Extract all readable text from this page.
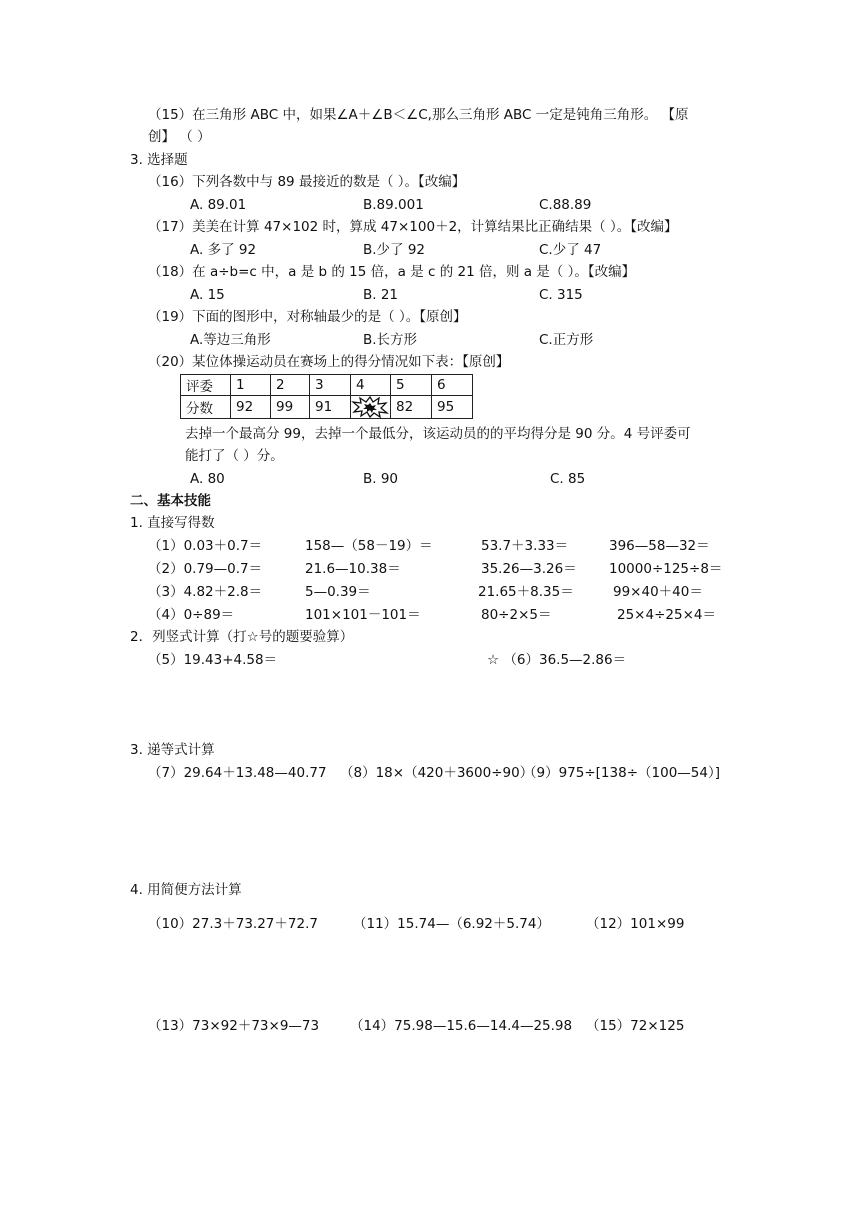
（15）在三角形 ABC 中，如果∠A＋∠B＜∠C,那么三角形 ABC 一定是钝角三角形。 【原
创】 （ ）
3. 选择题
（16）下列各数中与 89 最接近的数是（ ）。【改编】
A. 89.01	B.89.001	C.88.89
（17）美美在计算 47×102 时，算成 47×100＋2，计算结果比正确结果（ ）。【改编】
A. 多了 92	B.少了 92	C.少了 47
（18）在 a÷b=c 中，a 是 b 的 15 倍，a 是 c 的 21 倍，则 a 是（ ）。【改编】
A. 15	B. 21	C. 315
（19）下面的图形中，对称轴最少的是（ ）。【原创】
A.等边三角形	B.长方形	C.正方形
（20）某位体操运动员在赛场上的得分情况如下表：【原创】
评委	1	2	3	4	5	6
分数	92	99	91		82	95
去掉一个最高分 99，去掉一个最低分，该运动员的的平均得分是 90 分。4 号评委可
能打了（ ）分。
A. 80	B. 90	C. 85
二、基本技能
1. 直接写得数
（1）0.03＋0.7＝	158—（58－19）＝	53.7＋3.33＝	396—58—32＝
（2）0.79—0.7＝	21.6—10.38＝	35.26—3.26＝ 10000÷125÷8＝
（3）4.82＋2.8＝	5—0.39＝	21.65＋8.35＝	99×40＋40＝
（4）0÷89＝	101×101－101＝	80÷2×5＝	25×4÷25×4＝
2．列竖式计算（打☆号的题要验算）
（5）19.43+4.58＝	☆ （6）36.5—2.86＝
3. 递等式计算
（7）29.64＋13.48—40.77 （8）18×（420＋3600÷90）
（9）975÷[138÷（100—54）]
4. 用简便方法计算
（10）27.3＋73.27＋72.7	（11）15.74—（6.92＋5.74）	（12）101×99
（13）73×92＋73×9—73 （14）75.98—15.6—14.4—25.98 （15）72×125
